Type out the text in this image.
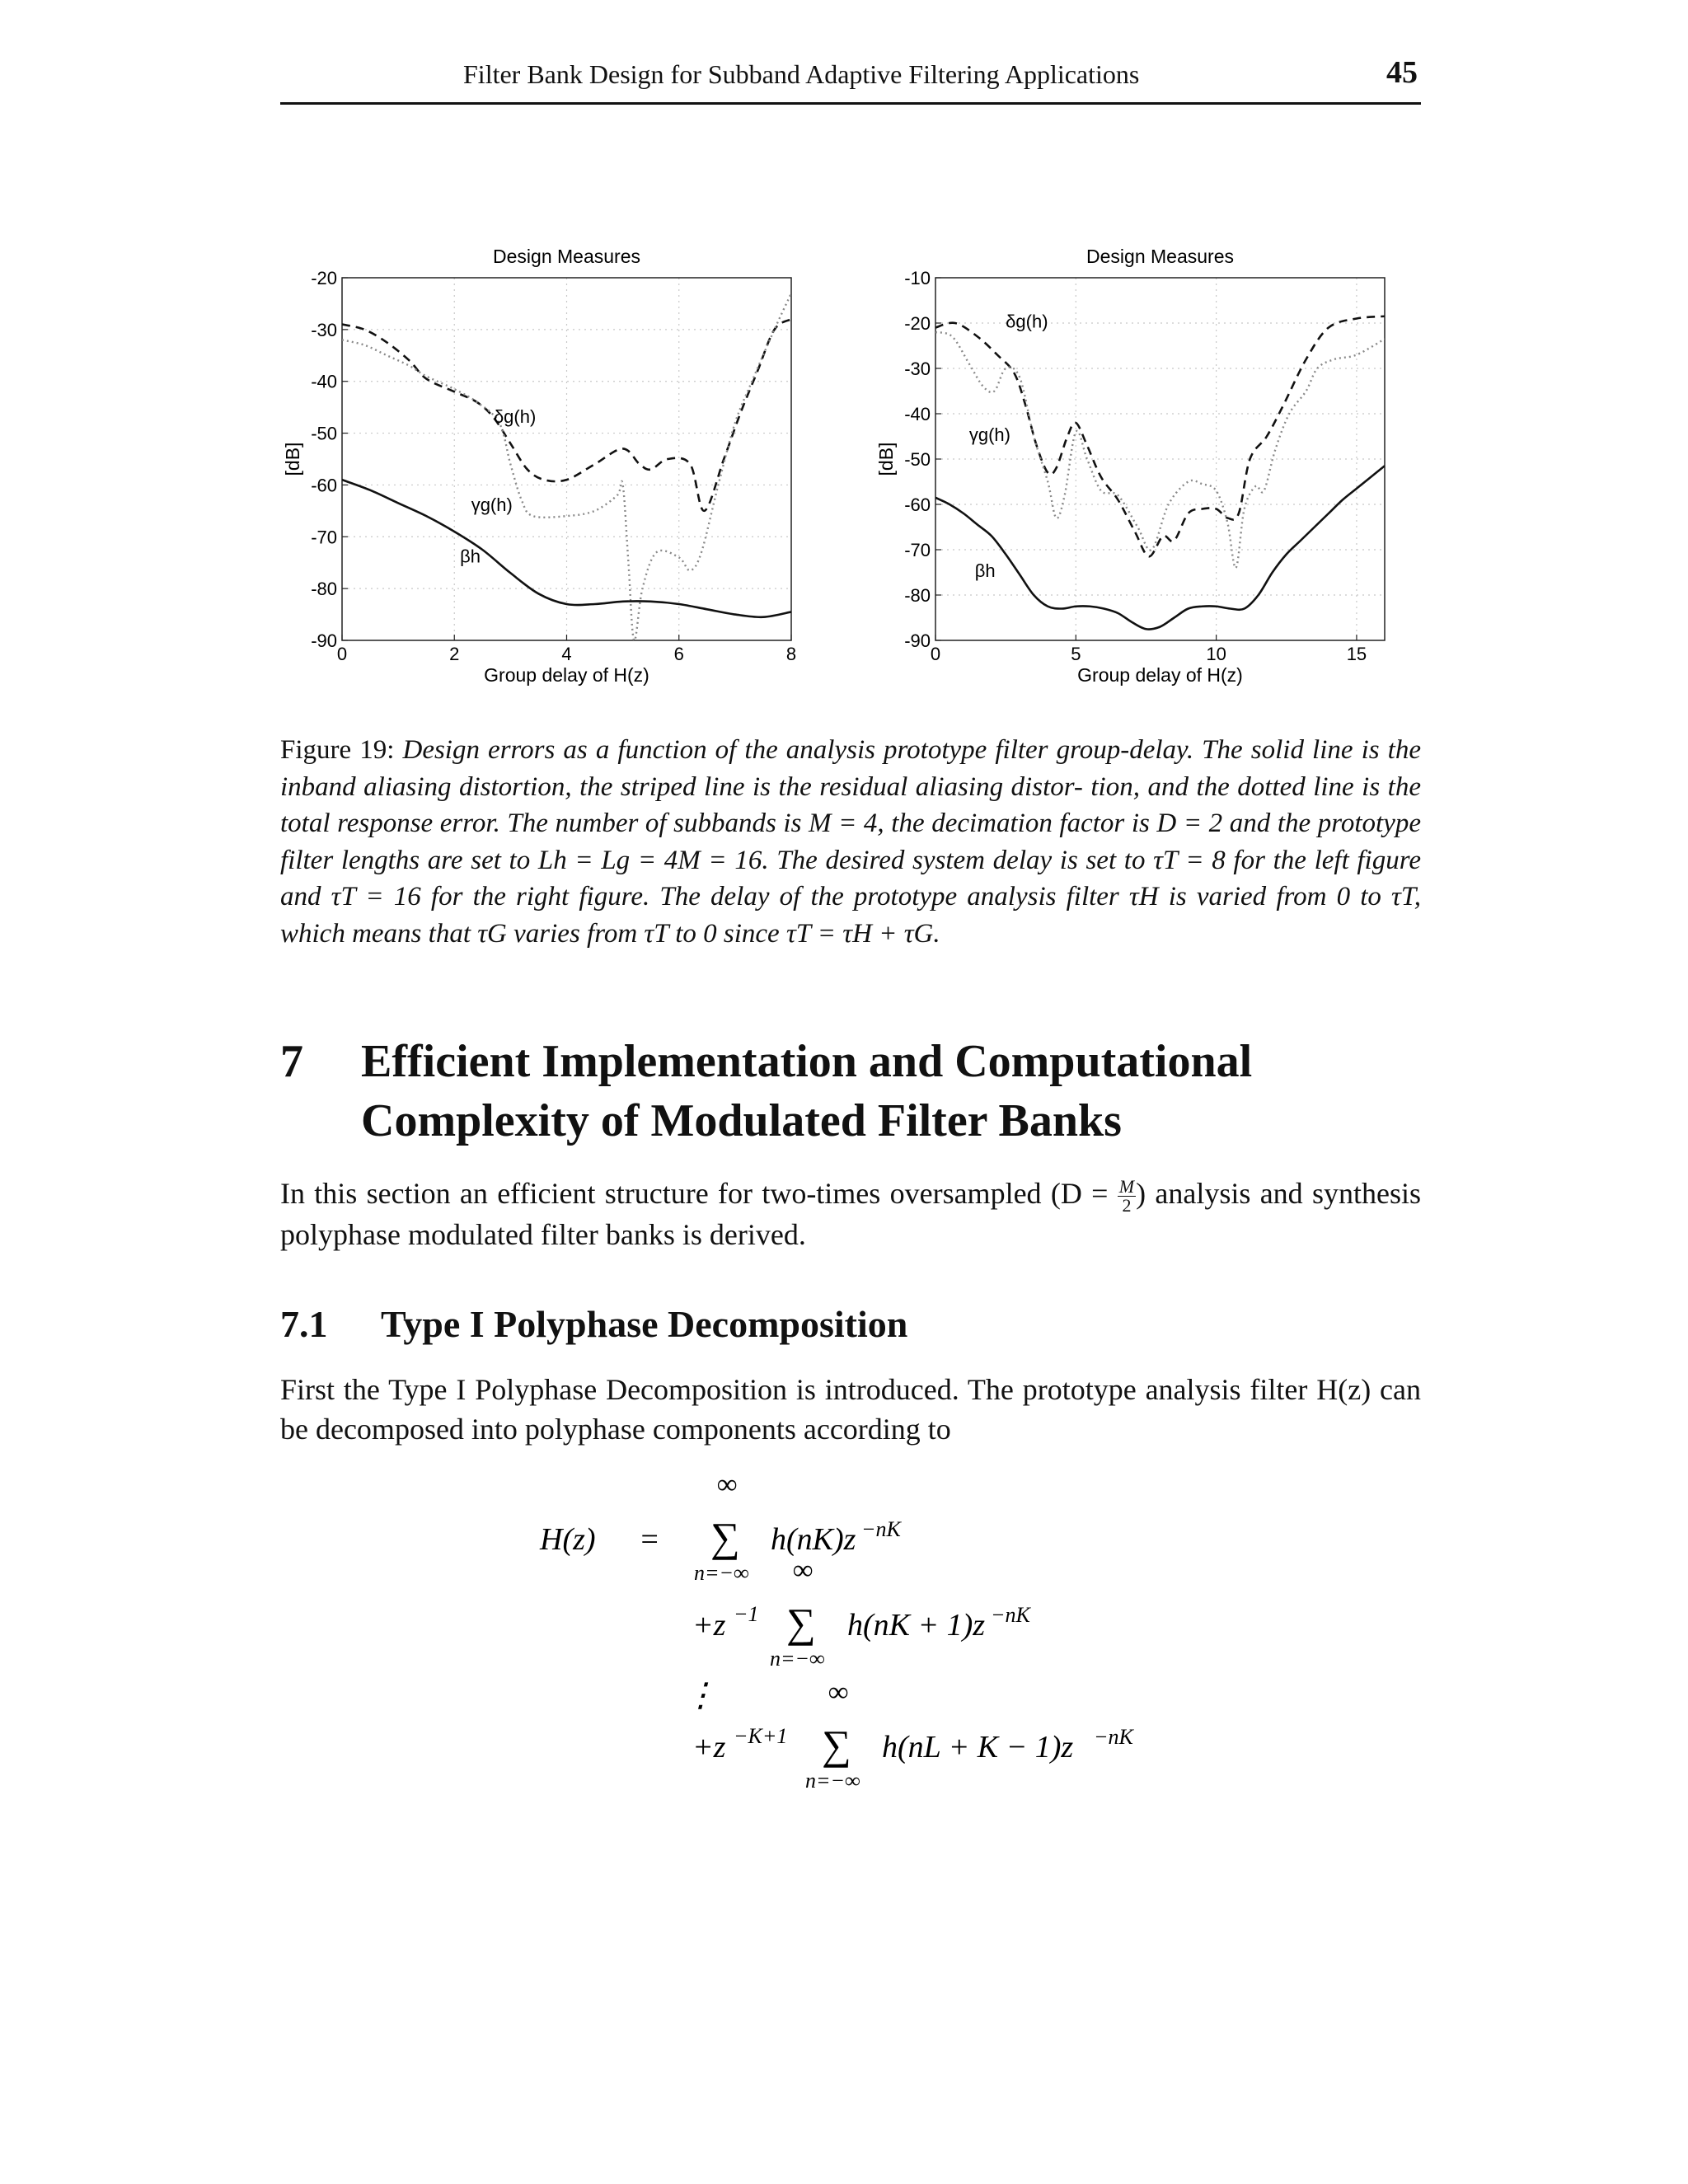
Filter Bank Design for Subband Adaptive Filtering Applications	45
Design Measures
0	2	4	6	8
-20
-30
-40
-50
-60
-70
-80
-90
Group delay of H(z)
[dB]
δg(h)
γg(h)
βh
Design Measures
0	5	10	15
-10
-20
-30
-40
-50
-60
-70
-80
-90
Group delay of H(z)
[dB]
δg(h)
γg(h)
βh
Figure 19: Design errors as a function of the analysis prototype filter group-delay. The solid line is the inband aliasing distortion, the striped line is the residual aliasing distor- tion, and the dotted line is the total response error. The number of subbands is M = 4, the decimation factor is D = 2 and the prototype filter lengths are set to Lh = Lg = 4M = 16. The desired system delay is set to τT = 8 for the left figure and τT = 16 for the right figure. The delay of the prototype analysis filter τH is varied from 0 to τT, which means that τG varies from τT to 0 since τT = τH + τG.
7 Efficient Implementation and Computational
Complexity of Modulated Filter Banks
In this section an efficient structure for two-times oversampled ($D = \frac{M}{2}$ ) analysis and synthesis polyphase modulated filter banks is derived.
7.1 Type I Polyphase Decomposition
First the Type I Polyphase Decomposition is introduced. The prototype analysis filter H(z) can be decomposed into polyphase components according to
H(z) =
∞
∑
n=−∞
h(nK)z −nK
+z −1
∞
∑
n=−∞
h(nK + 1)z −nK
⋮
+z −K+1
∞
∑
n=−∞
h(nL + K − 1)z −nK
